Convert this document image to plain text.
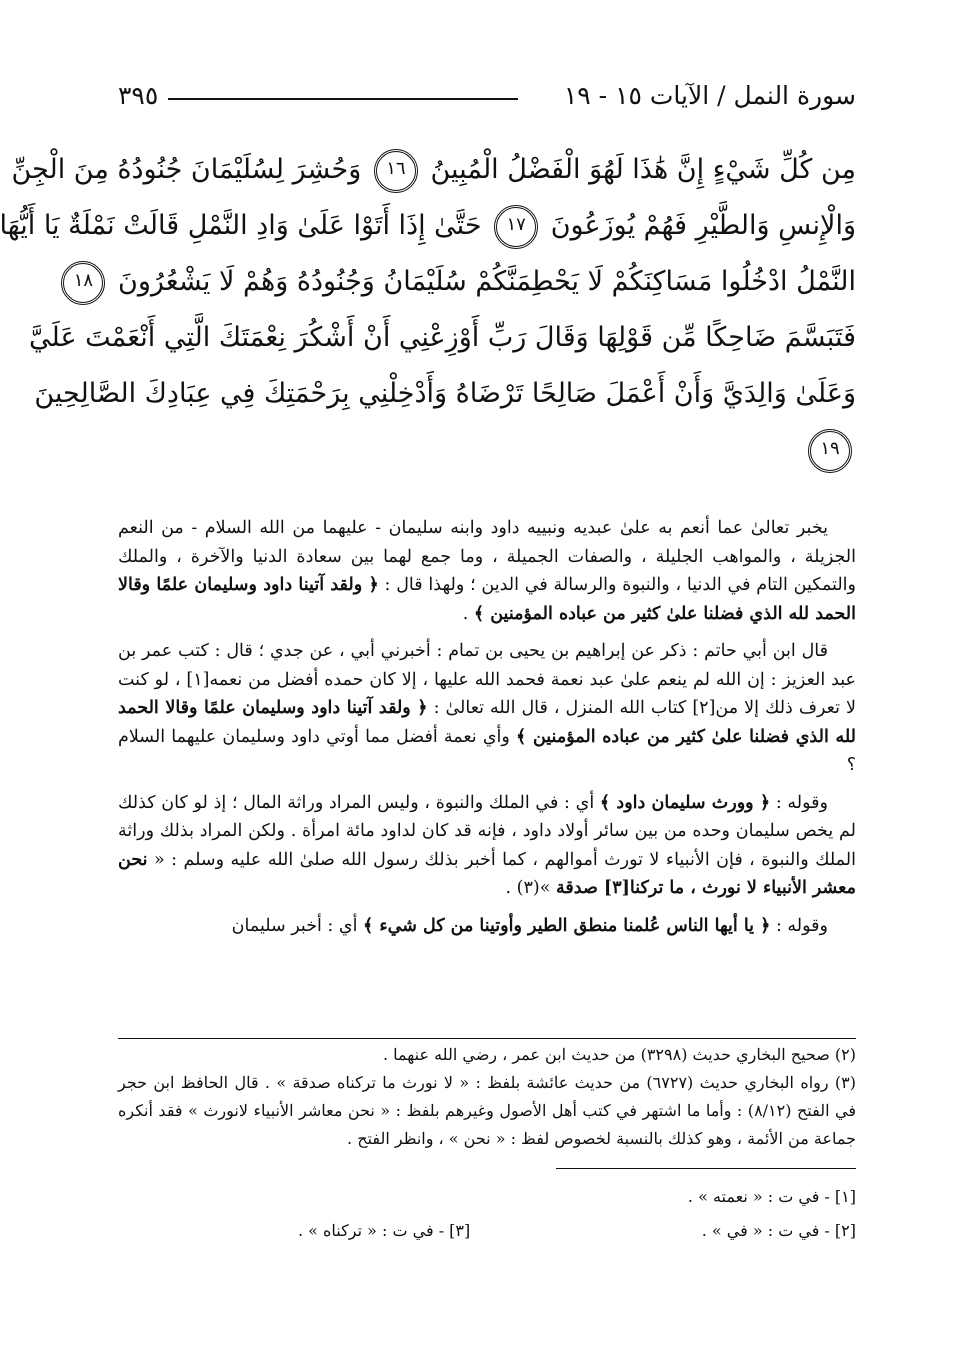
سورة النمل / الآيات ١٥ - ١٩
٣٩٥
مِن كُلِّ شَيْءٍ إِنَّ هَٰذَا لَهُوَ الْفَضْلُ الْمُبِينُ ١٦ وَحُشِرَ لِسُلَيْمَانَ جُنُودُهُ مِنَ الْجِنِّ
وَالْإِنسِ وَالطَّيْرِ فَهُمْ يُوزَعُونَ ١٧ حَتَّىٰ إِذَا أَتَوْا عَلَىٰ وَادِ النَّمْلِ قَالَتْ نَمْلَةٌ يَا أَيُّهَا
النَّمْلُ ادْخُلُوا مَسَاكِنَكُمْ لَا يَحْطِمَنَّكُمْ سُلَيْمَانُ وَجُنُودُهُ وَهُمْ لَا يَشْعُرُونَ ١٨
فَتَبَسَّمَ ضَاحِكًا مِّن قَوْلِهَا وَقَالَ رَبِّ أَوْزِعْنِي أَنْ أَشْكُرَ نِعْمَتَكَ الَّتِي أَنْعَمْتَ عَلَيَّ
وَعَلَىٰ وَالِدَيَّ وَأَنْ أَعْمَلَ صَالِحًا تَرْضَاهُ وَأَدْخِلْنِي بِرَحْمَتِكَ فِي عِبَادِكَ الصَّالِحِينَ
١٩

يخبر تعالىٰ عما أنعم به علىٰ عبديه ونبييه داود وابنه سليمان - عليهما من الله السلام - من النعم الجزيلة ، والمواهب الجليلة ، والصفات الجميلة ، وما جمع لهما بين سعادة الدنيا والآخرة ، والملك والتمكين التام في الدنيا ، والنبوة والرسالة في الدين ؛ ولهذا قال : ﴿ ولقد آتينا داود وسليمان علمًا وقالا الحمد لله الذي فضلنا علىٰ كثير من عباده المؤمنين ﴾ .

قال ابن أبي حاتم : ذكر عن إبراهيم بن يحيى بن تمام : أخبرني أبي ، عن جدي ؛ قال : كتب عمر بن عبد العزيز : إن الله لم ينعم علىٰ عبد نعمة فحمد الله عليها ، إلا كان حمده أفضل من نعمه[١] ، لو كنت لا تعرف ذلك إلا من[٢] كتاب الله المنزل ، قال الله تعالىٰ : ﴿ ولقد آتينا داود وسليمان علمًا وقالا الحمد لله الذي فضلنا علىٰ كثير من عباده المؤمنين ﴾ وأي نعمة أفضل مما أوتي داود وسليمان عليهما السلام ؟

وقوله : ﴿ وورث سليمان داود ﴾ أي : في الملك والنبوة ، وليس المراد وراثة المال ؛ إذ لو كان كذلك لم يخص سليمان وحده من بين سائر أولاد داود ، فإنه قد كان لداود مائة امرأة . ولكن المراد بذلك وراثة الملك والنبوة ، فإن الأنبياء لا تورث أموالهم ، كما أخبر بذلك رسول الله صلىٰ الله عليه وسلم : « نحن معشر الأنبياء لا نورث ، ما تركنا[٣] صدقة »(٣) .

وقوله : ﴿ يا أيها الناس عُلمنا منطق الطير وأوتينا من كل شيء ﴾ أي : أخبر سليمان

(٢) صحيح البخاري حديث (٣٢٩٨) من حديث ابن عمر ، رضي الله عنهما .

(٣) رواه البخاري حديث (٦٧٢٧) من حديث عائشة بلفظ : « لا نورث ما تركناه صدقة » . قال الحافظ ابن حجر في الفتح (٨/١٢) : وأما ما اشتهر في كتب أهل الأصول وغيرهم بلفظ : « نحن معاشر الأنبياء لانورث » فقد أنكره جماعة من الأئمة ، وهو كذلك بالنسبة لخصوص لفظ : « نحن » ، وانظر الفتح .

[١] - في ت : « نعمته » .
[٢] - في ت : « في » .
[٣] - في ت : « تركناه » .
